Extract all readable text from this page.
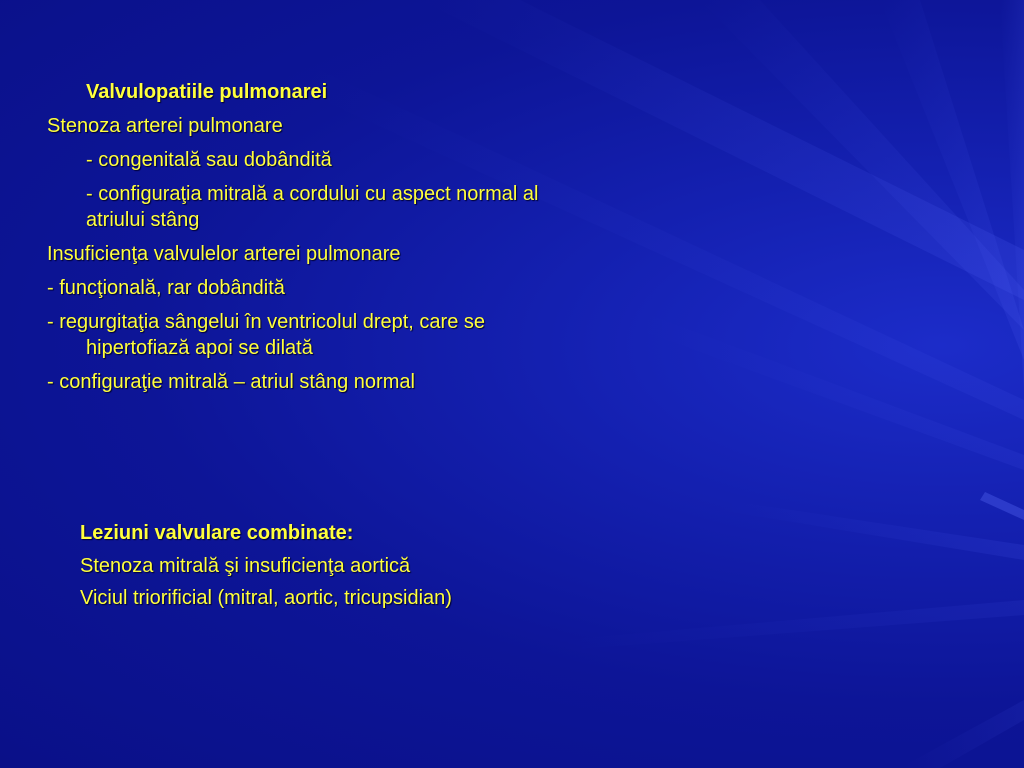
Valvulopatiile pulmonarei
Stenoza arterei pulmonare
- congenitală sau dobândită
- configuraţia mitrală a cordului cu aspect normal al
atriului stâng
Insuficienţa valvulelor arterei pulmonare
- funcţională, rar dobândită
- regurgitaţia sângelui în ventricolul drept, care se
hipertofiază apoi se dilată
- configuraţie mitrală – atriul stâng normal
Leziuni valvulare combinate:
Stenoza mitrală şi insuficienţa aortică
Viciul triorificial (mitral, aortic, tricupsidian)
